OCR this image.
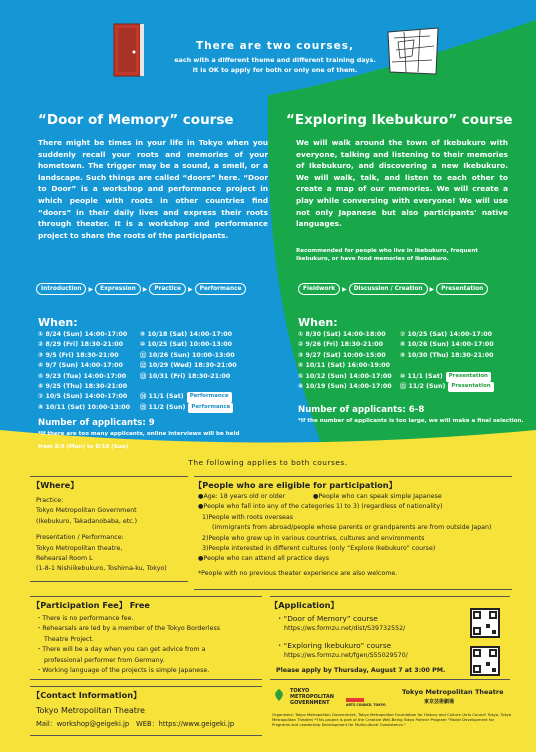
There are two courses,
each with a different theme and different training days.
It is OK to apply for both or only one of them.
“Door of Memory” course
There might be times in your life in Tokyo when you suddenly recall your roots and memories of your hometown. The trigger may be a sound, a smell, or a landscape. Such things are called “doors” here. “Door to Door” is a workshop and performance project in which people with roots in other countries find “doors” in their daily lives and express their roots through theater. It is a workshop and performance project to share the roots of the participants.
Introduction	▶	Expression	▶	Practice	▶	Performance
When:
① 8/24 (Sun) 14:00-17:00	⑨ 10/18 (Sat) 14:00-17:00
② 8/29 (Fri) 18:30-21:00	⑩ 10/25 (Sat) 10:00-13:00
③ 9/5 (Fri) 18:30-21:00	⑪ 10/26 (Sun) 10:00-13:00
④ 9/7 (Sun) 14:00-17:00	⑫ 10/29 (Wed) 18:30-21:00
⑤ 9/23 (Tue) 14:00-17:00	⑬ 10/31 (Fri) 18:30-21:00
⑥ 9/25 (Thu) 18:30-21:00
⑦ 10/5 (Sun) 14:00-17:00	⑭ 11/1 (Sat)	Performance
⑧ 10/11 (Sat) 10:00-13:00	⑮ 11/2 (Sun)	Performance
Number of applicants: 9
*If there are too many applicants, online interviews will be held
from 8/4 (Mon) to 8/10 (Sun)
“Exploring Ikebukuro” course
We will walk around the town of Ikebukuro with everyone, talking and listening to their memories of Ikebukuro, and discovering a new Ikebukuro. We will walk, talk, and listen to each other to create a map of our memories. We will create a play while conversing with everyone! We will use not only Japanese but also participants' native languages.
Recommended for people who live in Ikebukuro, frequent Ikebukuro, or have fond memories of Ikebukuro.
Fieldwork	▶	Discussion / Creation	▶	Presentation
When:
① 8/30 (Sat) 14:00-18:00	⑦ 10/25 (Sat) 14:00-17:00
② 9/26 (Fri) 18:30-21:00	⑧ 10/26 (Sun) 14:00-17:00
③ 9/27 (Sat) 10:00-15:00	⑨ 10/30 (Thu) 18:30-21:00
④ 10/11 (Sat) 16:00-19:00
⑤ 10/12 (Sun) 14:00-17:00	⑩ 11/1 (Sat)	Presentation
⑥ 10/19 (Sun) 14:00-17:00	⑪ 11/2 (Sun)	Presentation
Number of applicants: 6-8
*If the number of applicants is too large, we will make a final selection.
The following applies to both courses.
【Where】
Practice:
Tokyo Metropolitan Government
(Ikebukuro, Takadanobaba, etc.)
Presentation / Performance:
Tokyo Metropolitan theatre,
Rehearsal Room L
(1-8-1 Nishiikebukuro, Toshima-ku, Tokyo)
【People who are eligible for participation】
●Age: 18 years old or older	●People who can speak simple Japanese
●People who fall into any of the categories 1) to 3) (regardless of nationality)
1)People with roots overseas
(immigrants from abroad/people whose parents or grandparents are from outside Japan)
2)People who grew up in various countries, cultures and environments
3)People interested in different cultures (only “Explore Ikebukuro” course)
●People who can attend all practice days
*People with no previous theater experience are also welcome.
【Participation Fee】 Free
・There is no performance fee.
・Rehearsals are led by a member of the Tokyo Borderless
Theatre Project.
・There will be a day when you can get advice from a
professional performer from Germany.
・Working language of the projects is simple Japanese.
【Application】
・“Door of Memory” course
https://ws.formzu.net/dist/S39732552/
・“Exploring Ikebukuro” course
https://ws.formzu.net/fgen/S55029570/
Please apply by Thursday, August 7 at 3:00 PM.
【Contact Information】
Tokyo Metropolitan Theatre
Mail：workshop@geigeki.jp　WEB：https://www.geigeki.jp
TOKYO METROPOLITAN GOVERNMENT	ARTS COUNCIL TOKYO
Tokyo Metropolitan Theatre
東京芸術劇場
Organizers: Tokyo Metropolitan Government, Tokyo Metropolitan Foundation for History and Culture (Arts Council Tokyo, Tokyo Metropolitan Theatre) *This project is part of the Creative Well-Being Tokyo Partner Program "Model Development for Programs and Leadership Development for Multicultural Coexistence."
